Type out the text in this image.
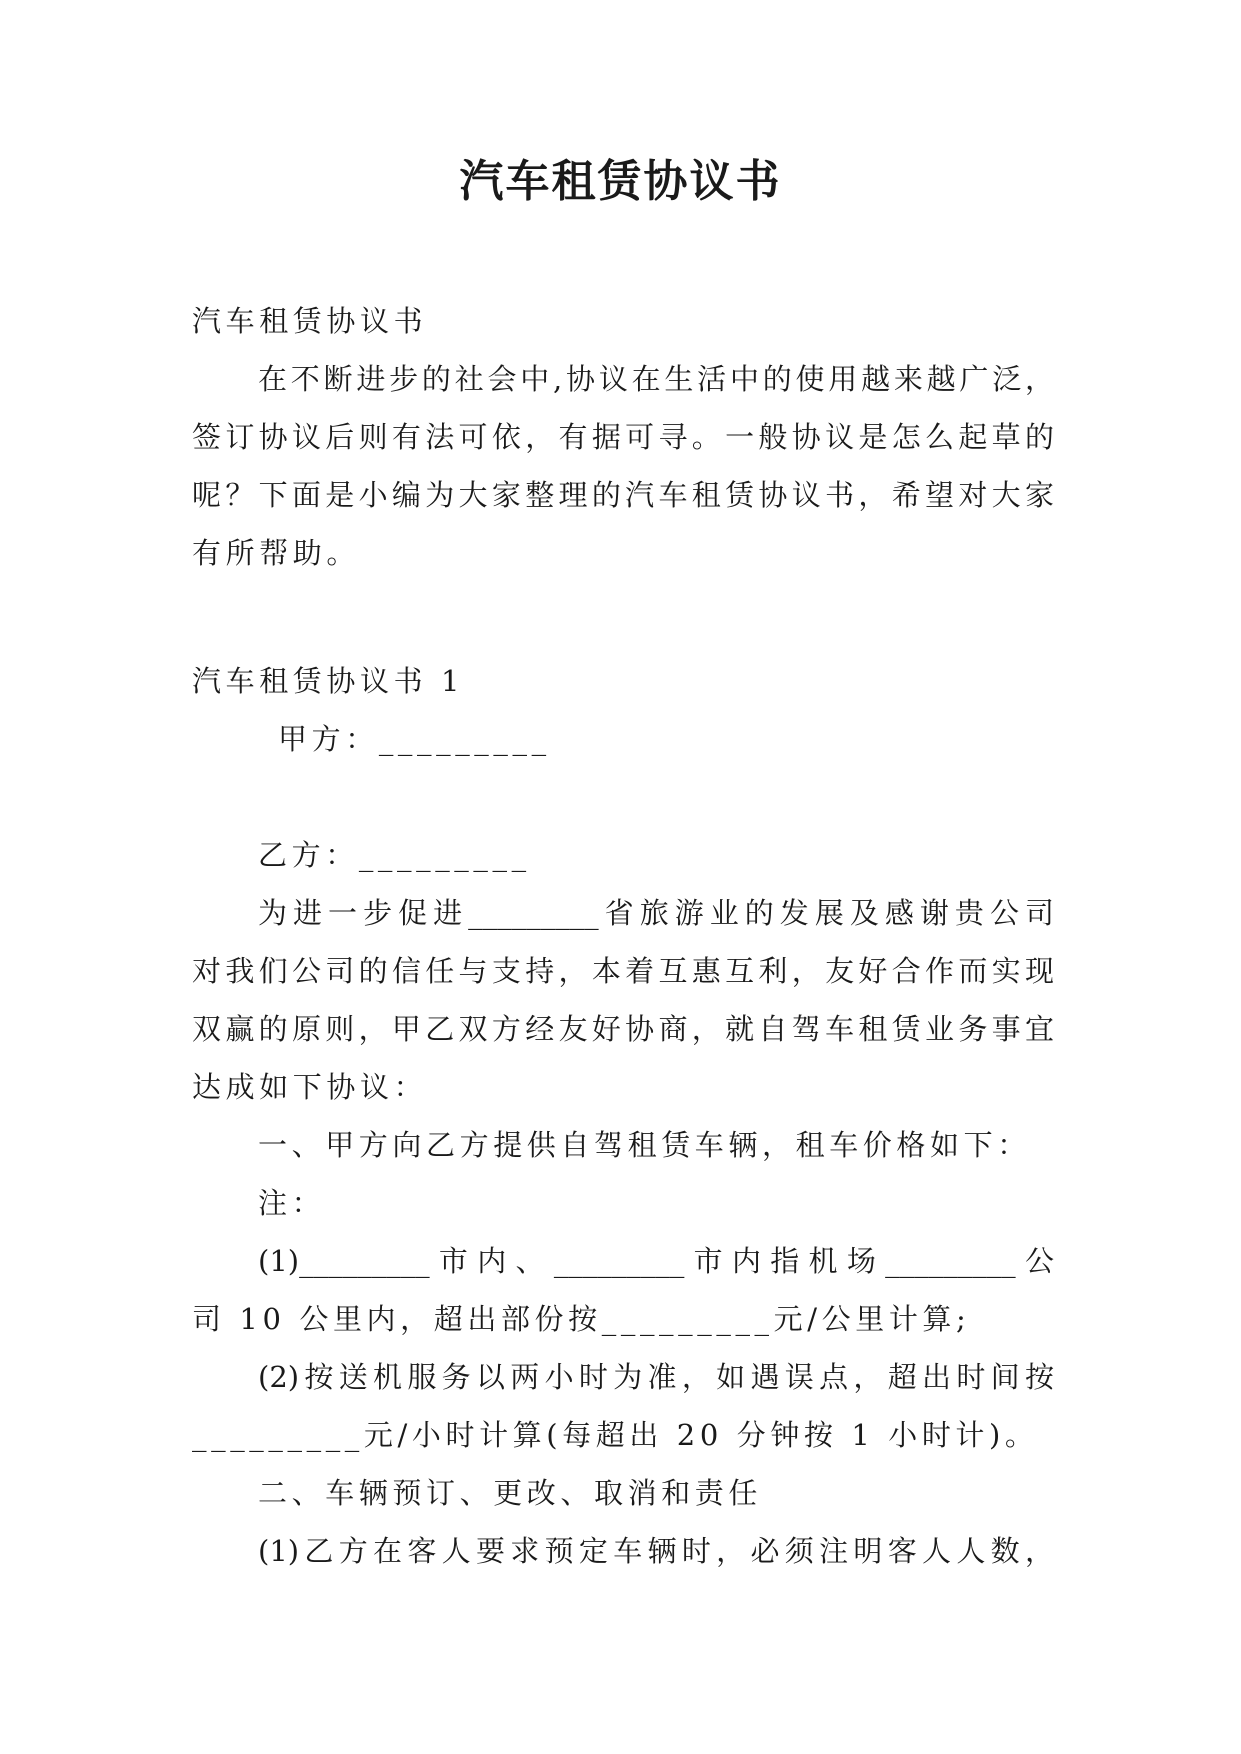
汽车租赁协议书

汽车租赁协议书

在不断进步的社会中,协议在生活中的使用越来越广泛，

签订协议后则有法可依，有据可寻。一般协议是怎么起草的

呢？下面是小编为大家整理的汽车租赁协议书，希望对大家

有所帮助。

汽车租赁协议书 1

甲方：_________

乙方：_________

为进一步促进_________省旅游业的发展及感谢贵公司

对我们公司的信任与支持，本着互惠互利，友好合作而实现

双赢的原则，甲乙双方经友好协商，就自驾车租赁业务事宜

达成如下协议：

一、甲方向乙方提供自驾租赁车辆，租车价格如下：

注：

(1)_________市内、_________市内指机场_________公

司 10 公里内，超出部份按_________元/公里计算;

(2)按送机服务以两小时为准，如遇误点，超出时间按

_________元/小时计算(每超出 20 分钟按 1 小时计)。

二、车辆预订、更改、取消和责任

(1)乙方在客人要求预定车辆时，必须注明客人人数，
